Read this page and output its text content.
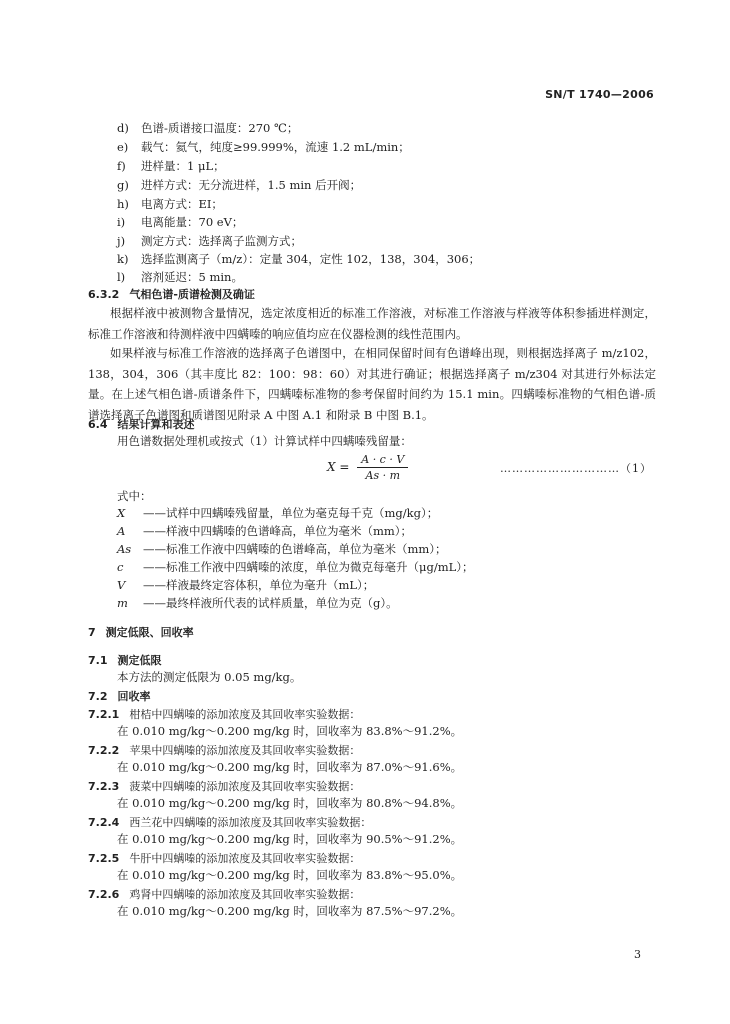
SN/T 1740—2006
d) 色谱-质谱接口温度：270 ℃；
e) 载气：氦气，纯度≥99.999%，流速 1.2 mL/min；
f) 进样量：1 μL；
g) 进样方式：无分流进样，1.5 min 后开阀；
h) 电离方式：EI；
i) 电离能量：70 eV；
j) 测定方式：选择离子监测方式；
k) 选择监测离子（m/z）：定量 304，定性 102，138，304，306；
l) 溶剂延迟：5 min。
6.3.2 气相色谱-质谱检测及确证
根据样液中被测物含量情况，选定浓度相近的标准工作溶液，对标准工作溶液与样液等体积参插进样测定，标准工作溶液和待测样液中四螨嗪的响应值均应在仪器检测的线性范围内。
如果样液与标准工作溶液的选择离子色谱图中，在相同保留时间有色谱峰出现，则根据选择离子 m/z102，138，304，306（其丰度比 82：100：98：60）对其进行确证；根据选择离子 m/z304 对其进行外标法定量。在上述气相色谱-质谱条件下，四螨嗪标准物的参考保留时间约为 15.1 min。四螨嗪标准物的气相色谱-质谱选择离子色谱图和质谱图见附录 A 中图 A.1 和附录 B 中图 B.1。
6.4 结果计算和表述
用色谱数据处理机或按式（1）计算试样中四螨嗪残留量：
$X = \frac{A \cdot c \cdot V}{As \cdot m}$	…………………………（1）
式中：
X ——试样中四螨嗪残留量，单位为毫克每千克（mg/kg）；
A ——样液中四螨嗪的色谱峰高，单位为毫米（mm）；
As ——标准工作液中四螨嗪的色谱峰高，单位为毫米（mm）；
c ——标准工作液中四螨嗪的浓度，单位为微克每毫升（μg/mL）；
V ——样液最终定容体积，单位为毫升（mL）；
m ——最终样液所代表的试样质量，单位为克（g）。
7 测定低限、回收率
7.1 测定低限
本方法的测定低限为 0.05 mg/kg。
7.2 回收率
7.2.1 柑桔中四螨嗪的添加浓度及其回收率实验数据：
在 0.010 mg/kg～0.200 mg/kg 时，回收率为 83.8%～91.2%。
7.2.2 苹果中四螨嗪的添加浓度及其回收率实验数据：
在 0.010 mg/kg～0.200 mg/kg 时，回收率为 87.0%～91.6%。
7.2.3 菠菜中四螨嗪的添加浓度及其回收率实验数据：
在 0.010 mg/kg～0.200 mg/kg 时，回收率为 80.8%～94.8%。
7.2.4 西兰花中四螨嗪的添加浓度及其回收率实验数据：
在 0.010 mg/kg～0.200 mg/kg 时，回收率为 90.5%～91.2%。
7.2.5 牛肝中四螨嗪的添加浓度及其回收率实验数据：
在 0.010 mg/kg～0.200 mg/kg 时，回收率为 83.8%～95.0%。
7.2.6 鸡肾中四螨嗪的添加浓度及其回收率实验数据：
在 0.010 mg/kg～0.200 mg/kg 时，回收率为 87.5%～97.2%。
3
